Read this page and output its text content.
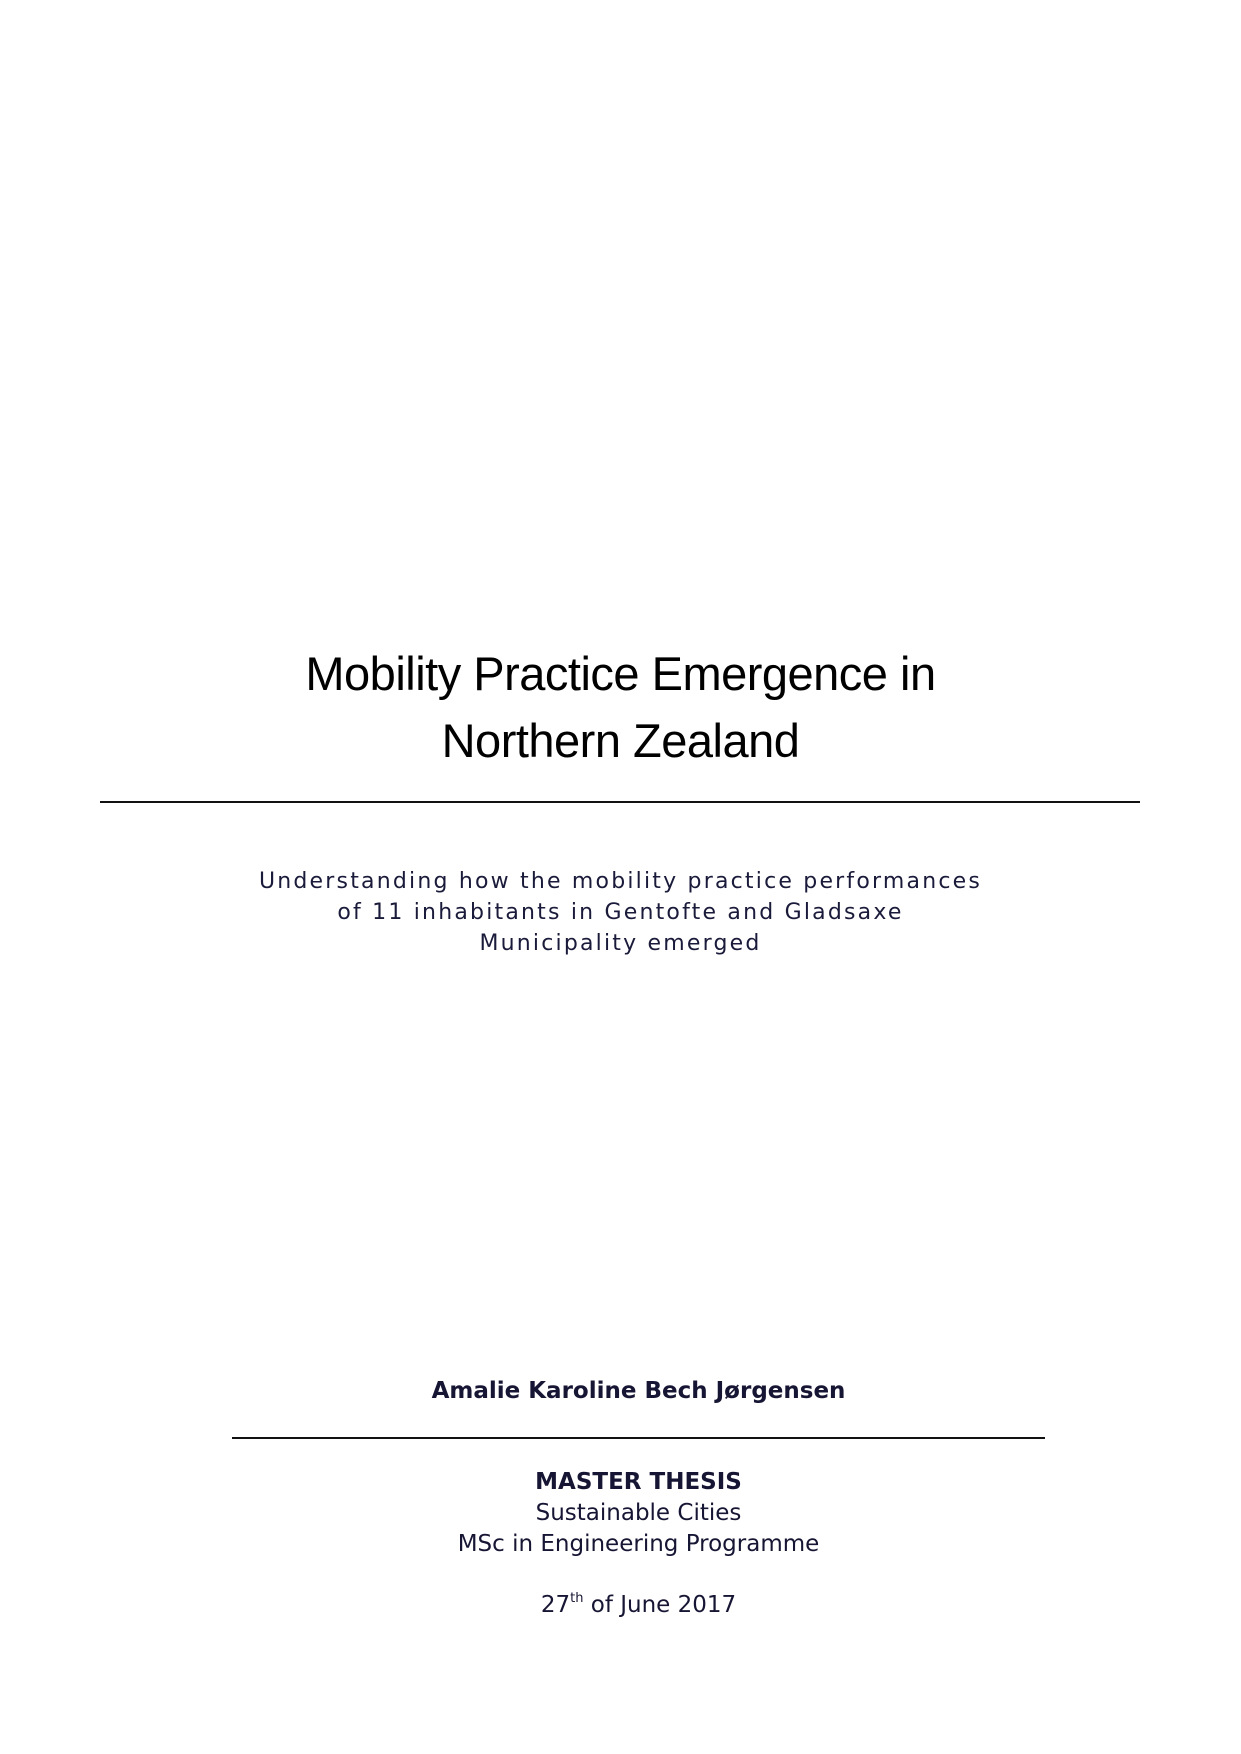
Mobility Practice Emergence in
Northern Zealand
Understanding how the mobility practice performances
of 11 inhabitants in Gentofte and Gladsaxe
Municipality emerged
Amalie Karoline Bech Jørgensen
MASTER THESIS
Sustainable Cities
MSc in Engineering Programme
27th of June 2017
